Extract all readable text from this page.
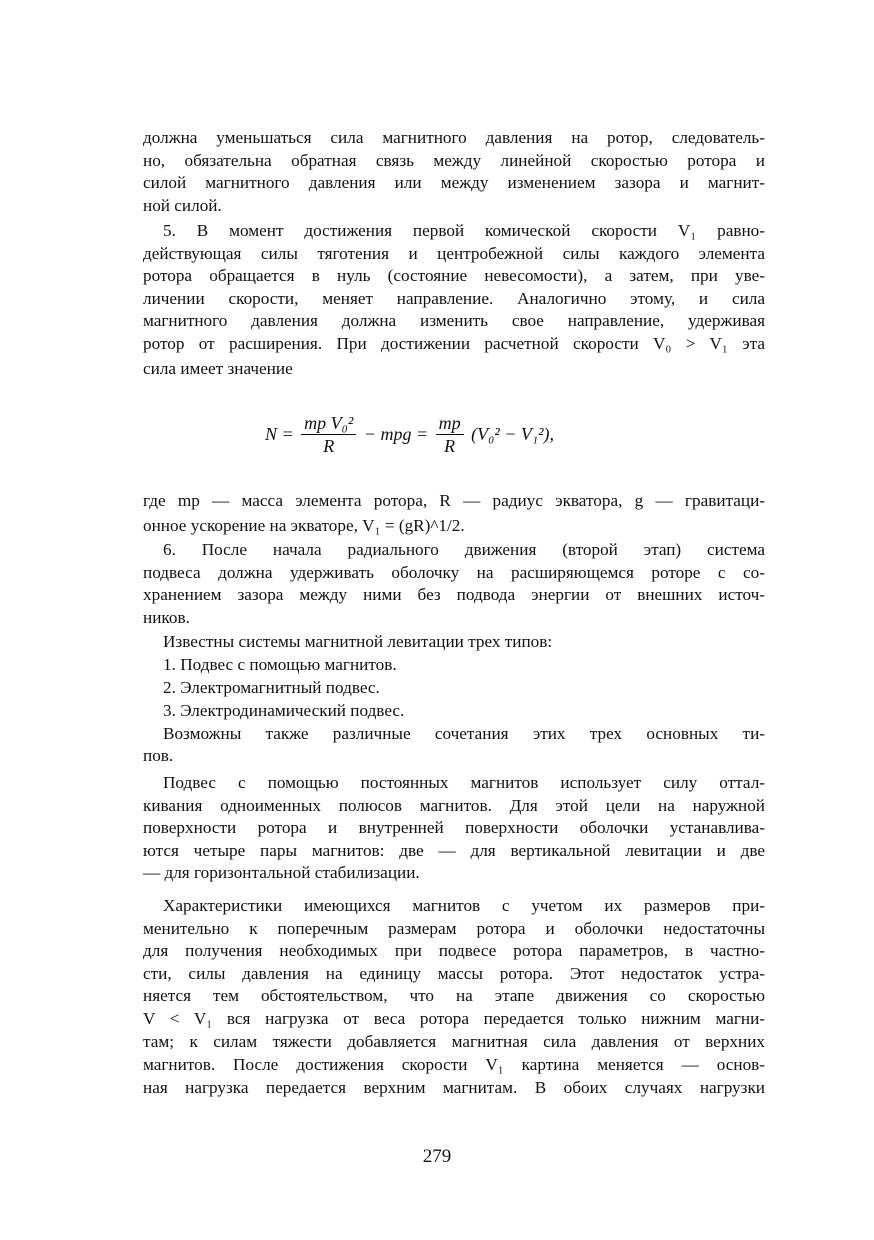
должна уменьшаться сила магнитного давления на ротор, следователь-
но, обязательна обратная связь между линейной скоростью ротора и
силой магнитного давления или между изменением зазора и магнит-
ной силой.
5. В момент достижения первой комической скорости V₁ равно-
действующая силы тяготения и центробежной силы каждого элемента
ротора обращается в нуль (состояние невесомости), а затем, при уве-
личении скорости, меняет направление. Аналогично этому, и сила
магнитного давления должна изменить свое направление, удерживая
ротор от расширения. При достижении расчетной скорости V₀ > V₁ эта
сила имеет значение
где mр — масса элемента ротора, R — радиус экватора, g — гравитаци-
онное ускорение на экваторе, V₁ = (gR)^1/2.
6. После начала радиального движения (второй этап) система
подвеса должна удерживать оболочку на расширяющемся роторе с со-
хранением зазора между ними без подвода энергии от внешних источ-
ников.
Известны системы магнитной левитации трех типов:
1. Подвес с помощью магнитов.
2. Электромагнитный подвес.
3. Электродинамический подвес.
Возможны также различные сочетания этих трех основных ти-
пов.
Подвес с помощью постоянных магнитов использует силу оттал-
кивания одноименных полюсов магнитов. Для этой цели на наружной
поверхности ротора и внутренней поверхности оболочки устанавлива-
ются четыре пары магнитов: две — для вертикальной левитации и две
— для горизонтальной стабилизации.
Характеристики имеющихся магнитов с учетом их размеров при-
менительно к поперечным размерам ротора и оболочки недостаточны
для получения необходимых при подвесе ротора параметров, в частно-
сти, силы давления на единицу массы ротора. Этот недостаток устра-
няется тем обстоятельством, что на этапе движения со скоростью
V < V₁ вся нагрузка от веса ротора передается только нижним магни-
там; к силам тяжести добавляется магнитная сила давления от верхних
магнитов. После достижения скорости V₁ картина меняется — основ-
ная нагрузка передается верхним магнитам. В обоих случаях нагрузки
$N = \frac{\text{mр V₀²}}{R}$ − mрg = $\frac{mр}{R} (V_0^2 - V_1^2)$,
279
